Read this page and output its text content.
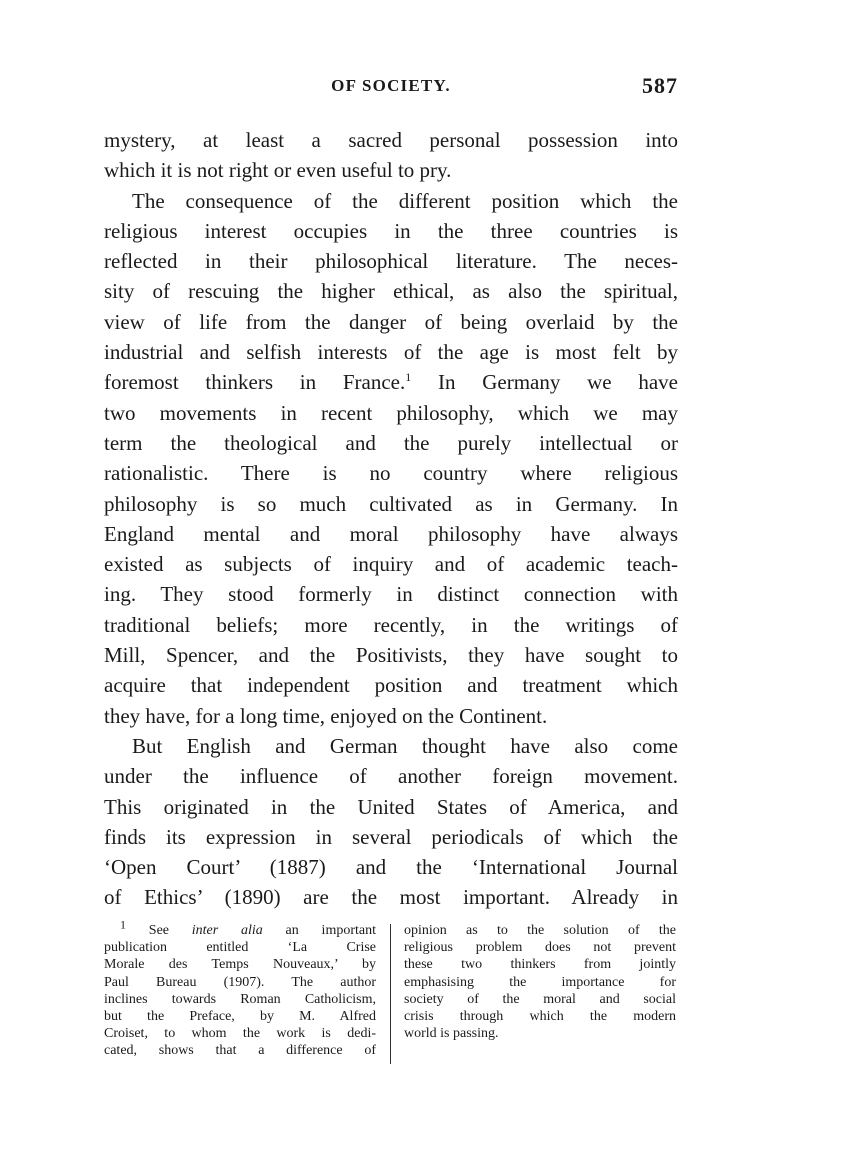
OF SOCIETY.	587
mystery, at least a sacred personal possession into
which it is not right or even useful to pry.
The consequence of the different position which the
religious interest occupies in the three countries is
reflected in their philosophical literature. The neces-
sity of rescuing the higher ethical, as also the spiritual,
view of life from the danger of being overlaid by the
industrial and selfish interests of the age is most felt by
foremost thinkers in France.$^1$ In Germany we have
two movements in recent philosophy, which we may
term the theological and the purely intellectual or
rationalistic. There is no country where religious
philosophy is so much cultivated as in Germany. In
England mental and moral philosophy have always
existed as subjects of inquiry and of academic teach-
ing. They stood formerly in distinct connection with
traditional beliefs; more recently, in the writings of
Mill, Spencer, and the Positivists, they have sought to
acquire that independent position and treatment which
they have, for a long time, enjoyed on the Continent.
But English and German thought have also come
under the influence of another foreign movement.
This originated in the United States of America, and
finds its expression in several periodicals of which the
‘Open Court’ (1887) and the ‘International Journal
of Ethics’ (1890) are the most important. Already in
$^1$ See inter alia an important
publication entitled ‘La Crise
Morale des Temps Nouveaux,’ by
Paul Bureau (1907). The author
inclines towards Roman Catholicism,
but the Preface, by M. Alfred
Croiset, to whom the work is dedi-
cated, shows that a difference of
opinion as to the solution of the
religious problem does not prevent
these two thinkers from jointly
emphasising the importance for
society of the moral and social
crisis through which the modern
world is passing.
